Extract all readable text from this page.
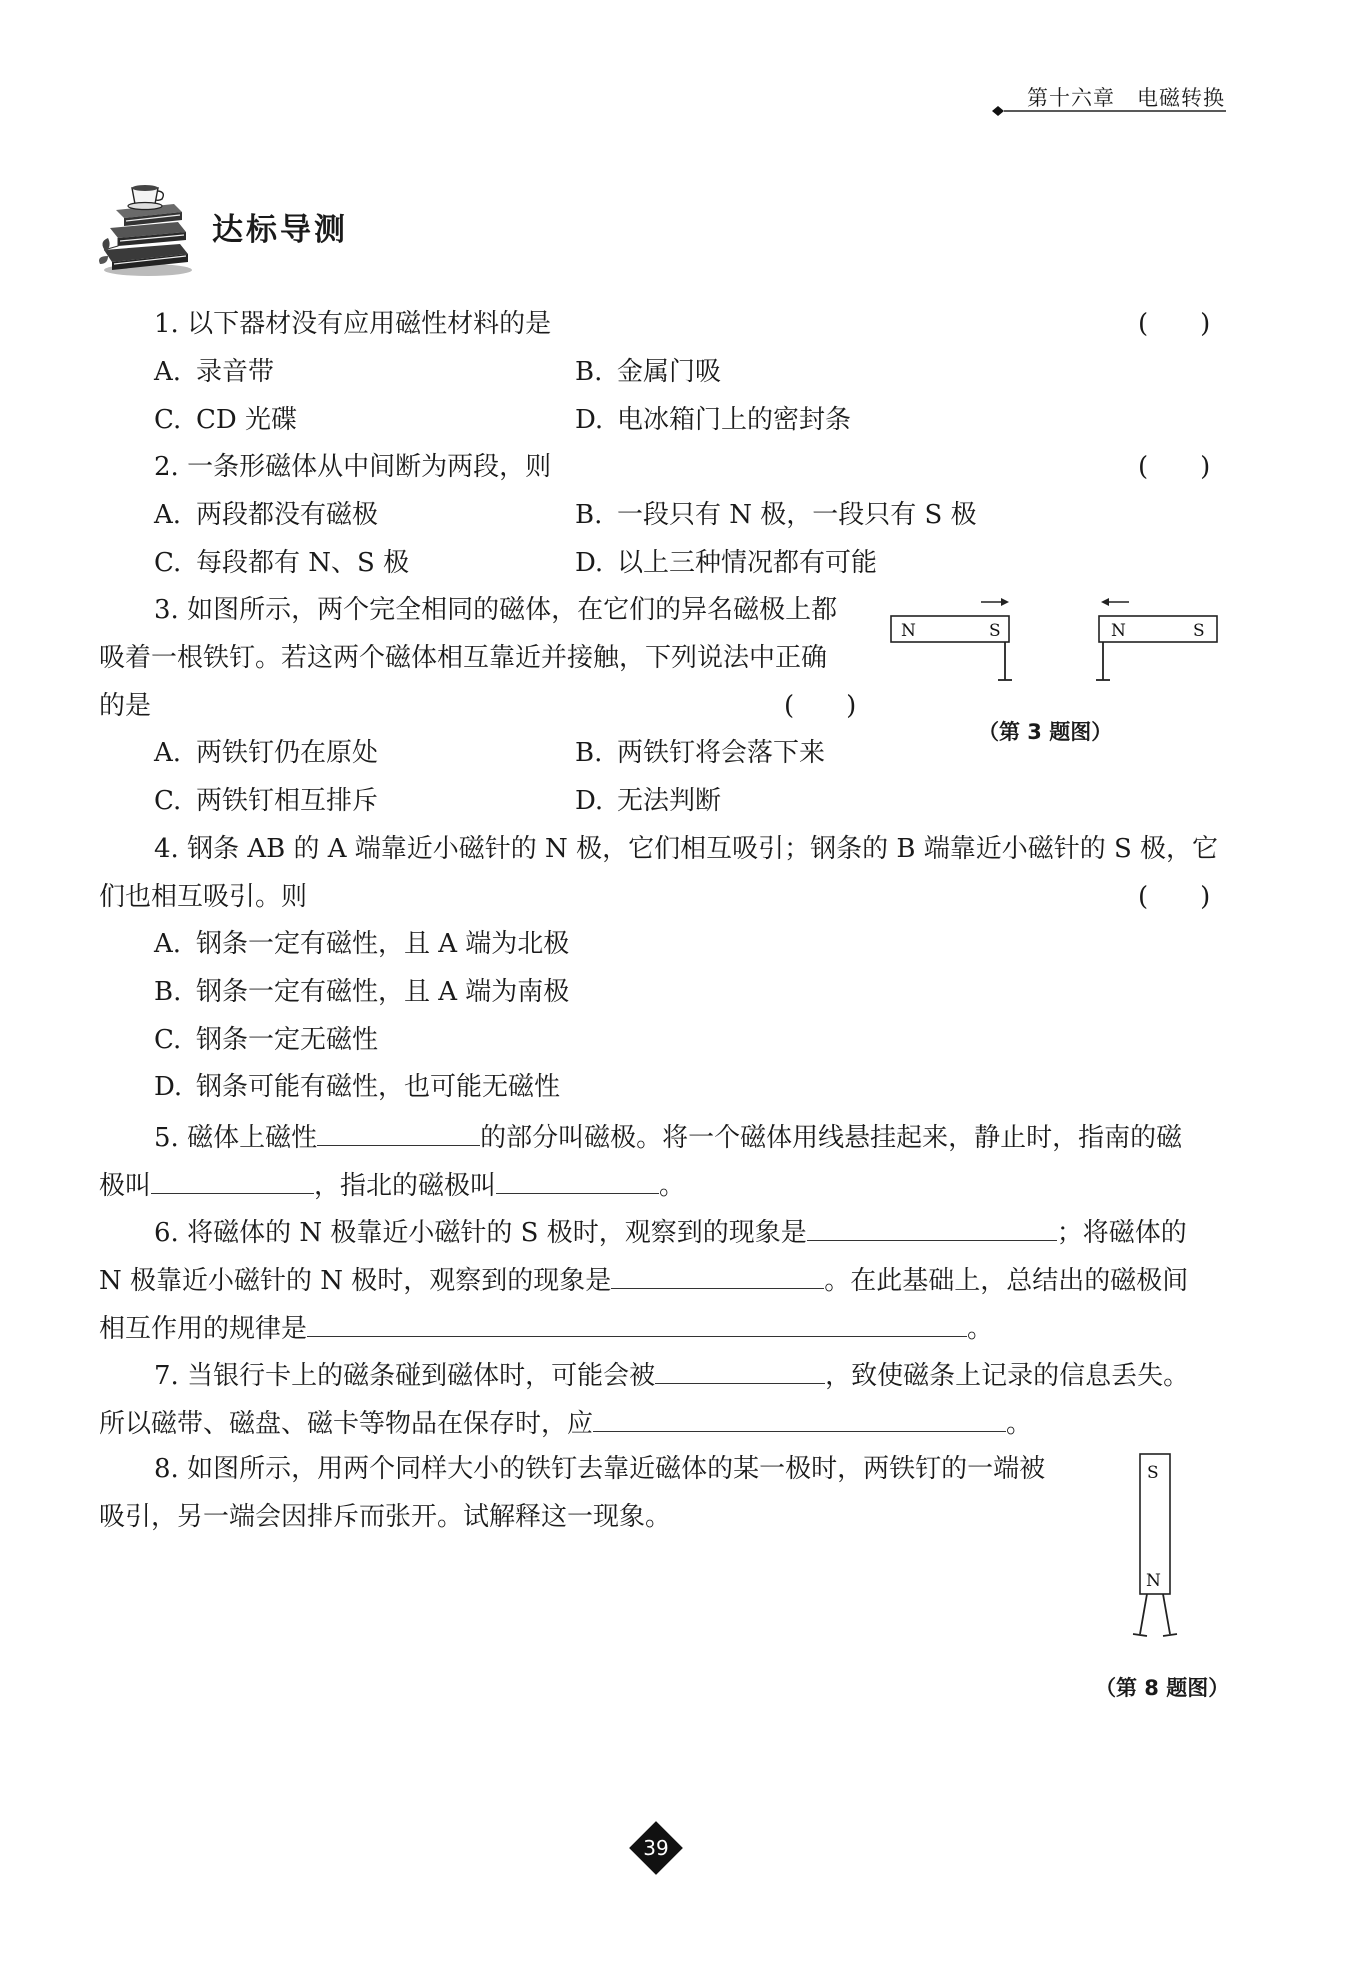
第十六章　电磁转换
达标导测
1. 以下器材没有应用磁性材料的是	(　　)
A. 录音带	B. 金属门吸
C. CD 光碟	D. 电冰箱门上的密封条
2. 一条形磁体从中间断为两段，则	(　　)
A. 两段都没有磁极	B. 一段只有 N 极，一段只有 S 极
C. 每段都有 N、S 极	D. 以上三种情况都有可能
3. 如图所示，两个完全相同的磁体，在它们的异名磁极上都
吸着一根铁钉。若这两个磁体相互靠近并接触，下列说法中正确
的是	(　　)
A. 两铁钉仍在原处	B. 两铁钉将会落下来
C. 两铁钉相互排斥	D. 无法判断
N	S	N	S
（第 3 题图）
4. 钢条 AB 的 A 端靠近小磁针的 N 极，它们相互吸引；钢条的 B 端靠近小磁针的 S 极，它
们也相互吸引。则	(　　)
A. 钢条一定有磁性，且 A 端为北极
B. 钢条一定有磁性，且 A 端为南极
C. 钢条一定无磁性
D. 钢条可能有磁性，也可能无磁性
5. 磁体上磁性	的部分叫磁极。将一个磁体用线悬挂起来，静止时，指南的磁
极叫	，指北的磁极叫	。
6. 将磁体的 N 极靠近小磁针的 S 极时，观察到的现象是	；将磁体的
N 极靠近小磁针的 N 极时，观察到的现象是	。在此基础上，总结出的磁极间
相互作用的规律是	。
7. 当银行卡上的磁条碰到磁体时，可能会被	，致使磁条上记录的信息丢失。
所以磁带、磁盘、磁卡等物品在保存时，应	。
8. 如图所示，用两个同样大小的铁钉去靠近磁体的某一极时，两铁钉的一端被
吸引，另一端会因排斥而张开。试解释这一现象。
S
N
（第 8 题图）
39
